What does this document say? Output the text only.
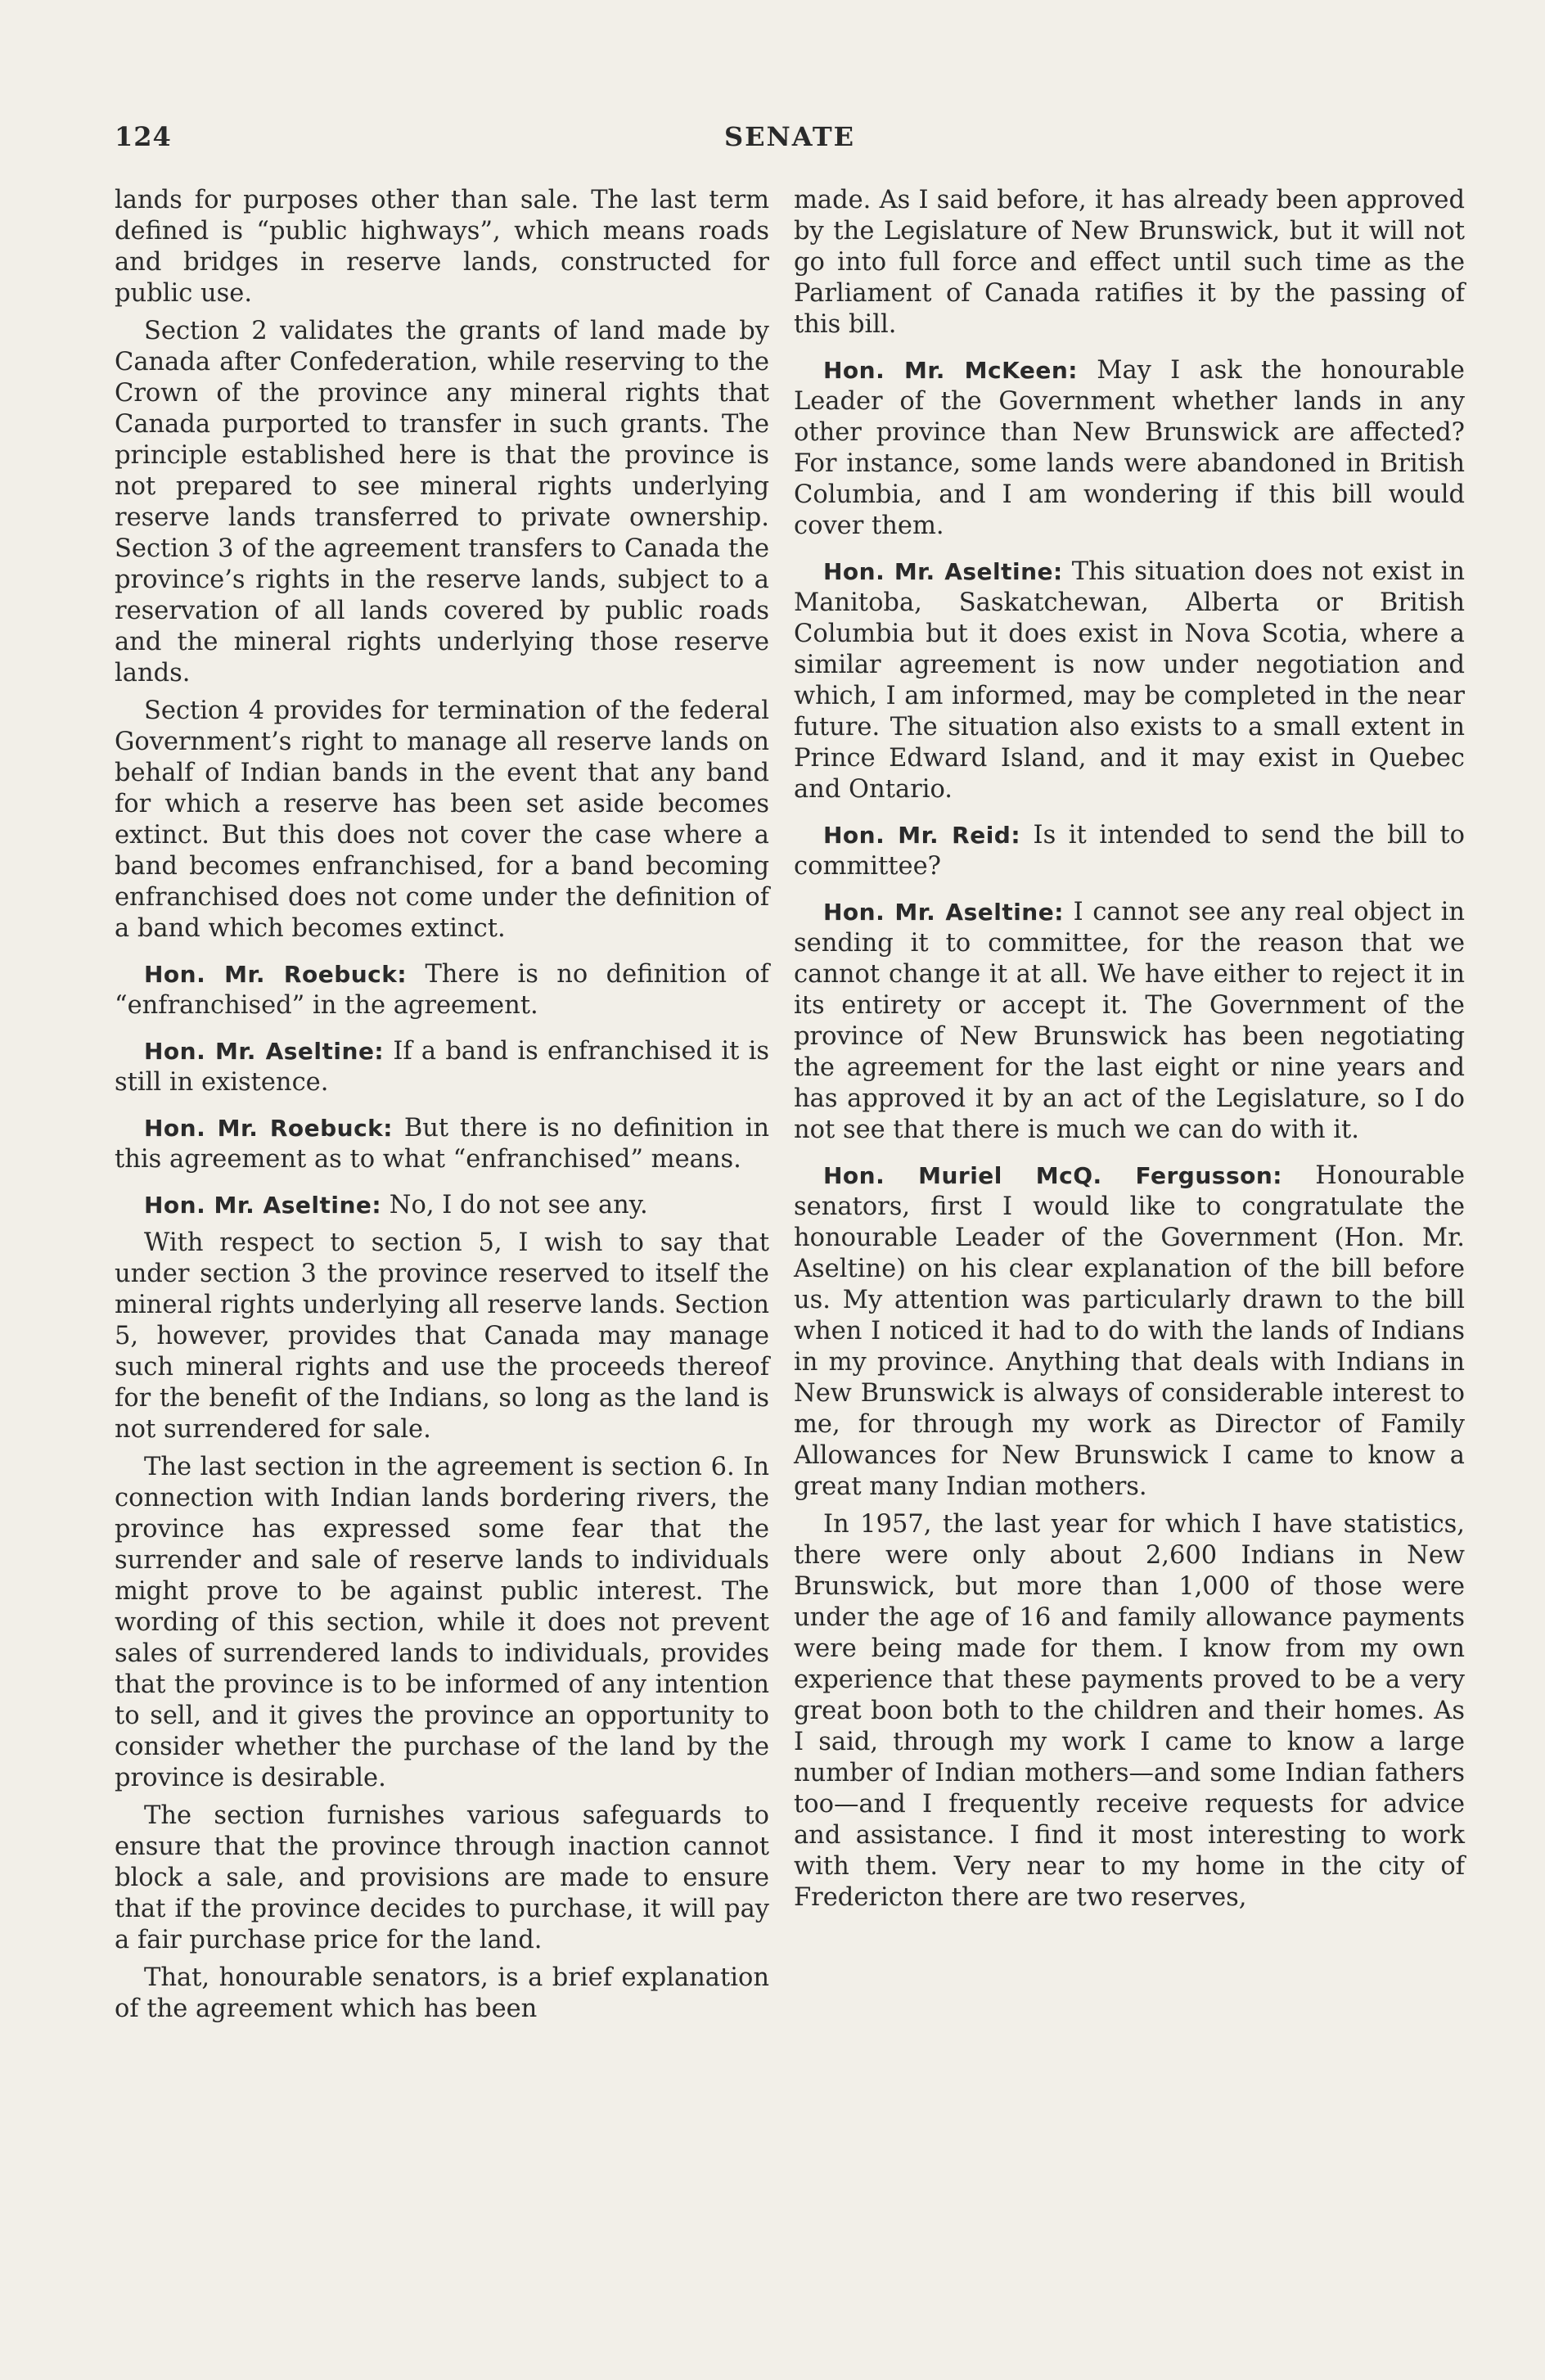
124	SENATE

lands for purposes other than sale. The last term defined is “public highways”, which means roads and bridges in reserve lands, constructed for public use.

Section 2 validates the grants of land made by Canada after Confederation, while reserving to the Crown of the province any mineral rights that Canada purported to transfer in such grants. The principle established here is that the province is not prepared to see mineral rights underlying reserve lands transferred to private ownership. Section 3 of the agreement transfers to Canada the province’s rights in the reserve lands, subject to a reservation of all lands covered by public roads and the mineral rights underlying those reserve lands.

Section 4 provides for termination of the federal Government’s right to manage all reserve lands on behalf of Indian bands in the event that any band for which a reserve has been set aside becomes extinct. But this does not cover the case where a band becomes enfranchised, for a band becoming enfranchised does not come under the definition of a band which becomes extinct.

Hon. Mr. Roebuck: There is no definition of “enfranchised” in the agreement.

Hon. Mr. Aseltine: If a band is enfranchised it is still in existence.

Hon. Mr. Roebuck: But there is no definition in this agreement as to what “enfranchised” means.

Hon. Mr. Aseltine: No, I do not see any.

With respect to section 5, I wish to say that under section 3 the province reserved to itself the mineral rights underlying all reserve lands. Section 5, however, provides that Canada may manage such mineral rights and use the proceeds thereof for the benefit of the Indians, so long as the land is not surrendered for sale.

The last section in the agreement is section 6. In connection with Indian lands bordering rivers, the province has expressed some fear that the surrender and sale of reserve lands to individuals might prove to be against public interest. The wording of this section, while it does not prevent sales of surrendered lands to individuals, provides that the province is to be informed of any intention to sell, and it gives the province an opportunity to consider whether the purchase of the land by the province is desirable.

The section furnishes various safeguards to ensure that the province through inaction cannot block a sale, and provisions are made to ensure that if the province decides to purchase, it will pay a fair purchase price for the land.

That, honourable senators, is a brief explanation of the agreement which has been

made. As I said before, it has already been approved by the Legislature of New Brunswick, but it will not go into full force and effect until such time as the Parliament of Canada ratifies it by the passing of this bill.

Hon. Mr. McKeen: May I ask the honourable Leader of the Government whether lands in any other province than New Brunswick are affected? For instance, some lands were abandoned in British Columbia, and I am wondering if this bill would cover them.

Hon. Mr. Aseltine: This situation does not exist in Manitoba, Saskatchewan, Alberta or British Columbia but it does exist in Nova Scotia, where a similar agreement is now under negotiation and which, I am informed, may be completed in the near future. The situation also exists to a small extent in Prince Edward Island, and it may exist in Quebec and Ontario.

Hon. Mr. Reid: Is it intended to send the bill to committee?

Hon. Mr. Aseltine: I cannot see any real object in sending it to committee, for the reason that we cannot change it at all. We have either to reject it in its entirety or accept it. The Government of the province of New Brunswick has been negotiating the agreement for the last eight or nine years and has approved it by an act of the Legislature, so I do not see that there is much we can do with it.

Hon. Muriel McQ. Fergusson: Honourable senators, first I would like to congratulate the honourable Leader of the Government (Hon. Mr. Aseltine) on his clear explanation of the bill before us. My attention was particularly drawn to the bill when I noticed it had to do with the lands of Indians in my province. Anything that deals with Indians in New Brunswick is always of considerable interest to me, for through my work as Director of Family Allowances for New Brunswick I came to know a great many Indian mothers.

In 1957, the last year for which I have statistics, there were only about 2,600 Indians in New Brunswick, but more than 1,000 of those were under the age of 16 and family allowance payments were being made for them. I know from my own experience that these payments proved to be a very great boon both to the children and their homes. As I said, through my work I came to know a large number of Indian mothers—and some Indian fathers too—and I frequently receive requests for advice and assistance. I find it most interesting to work with them. Very near to my home in the city of Fredericton there are two reserves,
